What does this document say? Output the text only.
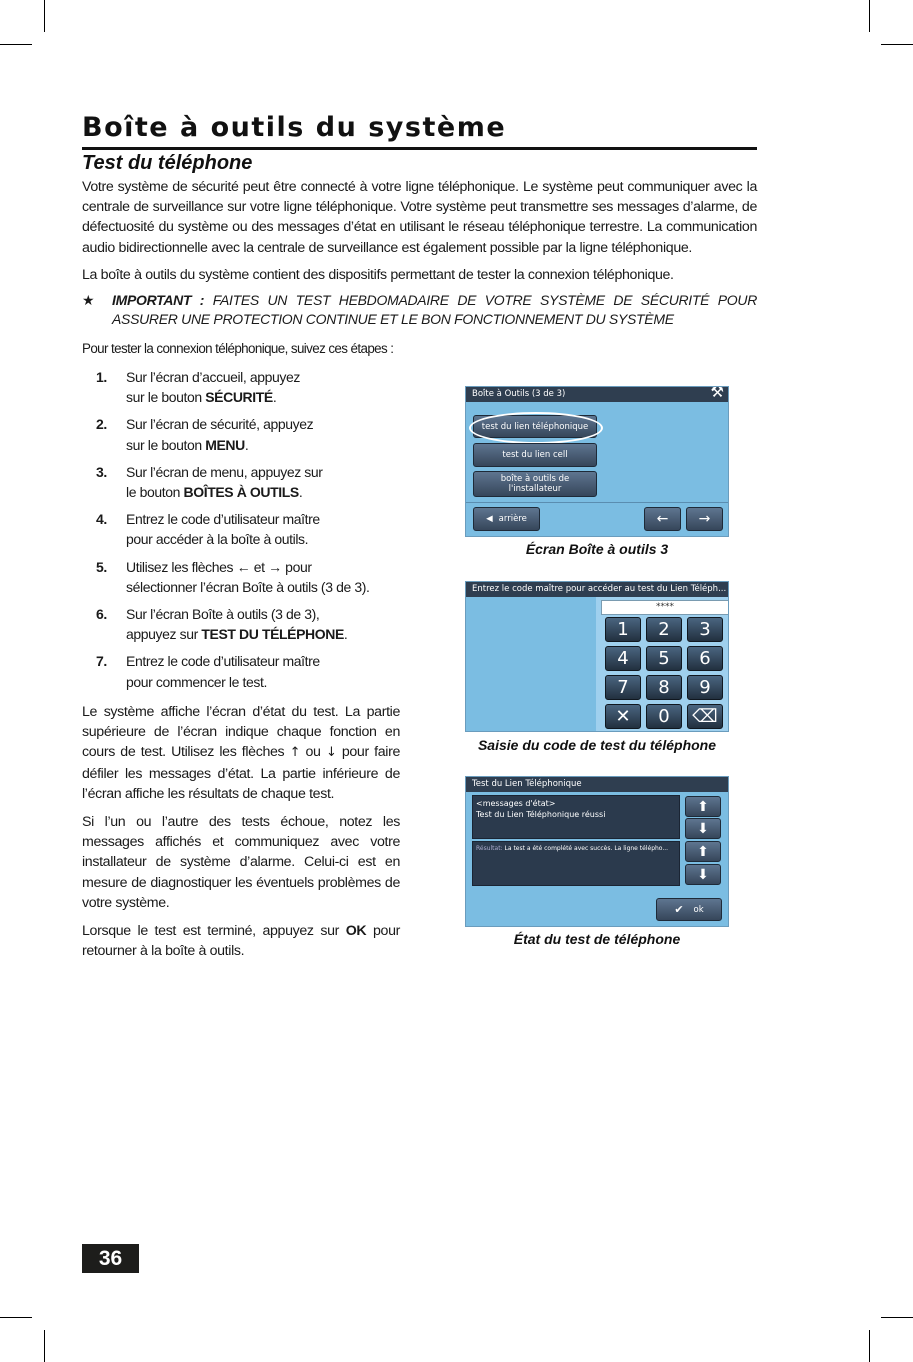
Boîte à outils du système
Test du téléphone

Votre système de sécurité peut être connecté à votre ligne téléphonique. Le système peut communiquer avec la centrale de surveillance sur votre ligne téléphonique. Votre système peut transmettre ses messages d’alarme, de défectuosité du système ou des messages d’état en utilisant le réseau téléphonique terrestre. La communication audio bidirectionnelle avec la centrale de surveillance est également possible par la ligne téléphonique.

La boîte à outils du système contient des dispositifs permettant de tester la connexion téléphonique.

★ IMPORTANT : FAITES UN TEST HEBDOMADAIRE DE VOTRE SYSTÈME DE SÉCURITÉ POUR ASSURER UNE PROTECTION CONTINUE ET LE BON FONCTIONNEMENT DU SYSTÈME

Pour tester la connexion téléphonique, suivez ces étapes :

1. Sur l’écran d’accueil, appuyez
sur le bouton SÉCURITÉ.
2. Sur l’écran de sécurité, appuyez
sur le bouton MENU.
3. Sur l’écran de menu, appuyez sur
le bouton BOÎTES À OUTILS.
4. Entrez le code d’utilisateur maître
pour accéder à la boîte à outils.
5. Utilisez les flèches ← et → pour
sélectionner l’écran Boîte à outils (3 de 3).
6. Sur l’écran Boîte à outils (3 de 3),
appuyez sur TEST DU TÉLÉPHONE.
7. Entrez le code d’utilisateur maître
pour commencer le test.

Le système affiche l’écran d’état du test. La partie supérieure de l’écran indique chaque fonction en cours de test. Utilisez les flèches ↑ ou ↓ pour faire défiler les messages d’état. La partie inférieure de l’écran affiche les résultats de chaque test.

Si l’un ou l’autre des tests échoue, notez les messages affichés et communiquez avec votre installateur de système d’alarme. Celui-ci est en mesure de diagnostiquer les éventuels problèmes de votre système.

Lorsque le test est terminé, appuyez sur OK pour retourner à la boîte à outils.

Boîte à Outils (3 de 3)	⚒
test du lien téléphonique
test du lien cell
boîte à outils de
l'installateur
◀ arrière	← →

Écran Boîte à outils 3

Entrez le code maître pour accéder au test du Lien Téléph...
****
1 2 3
4 5 6
7 8 9
✕ 0 ⌫

Saisie du code de test du téléphone

Test du Lien Téléphonique
<messages d'état>
Test du Lien Téléphonique réussi
Résultat: La test a été complété avec succès. La ligne télépho...
⬆
⬇
⬆
⬇
✔ ok

État du test de téléphone

36
